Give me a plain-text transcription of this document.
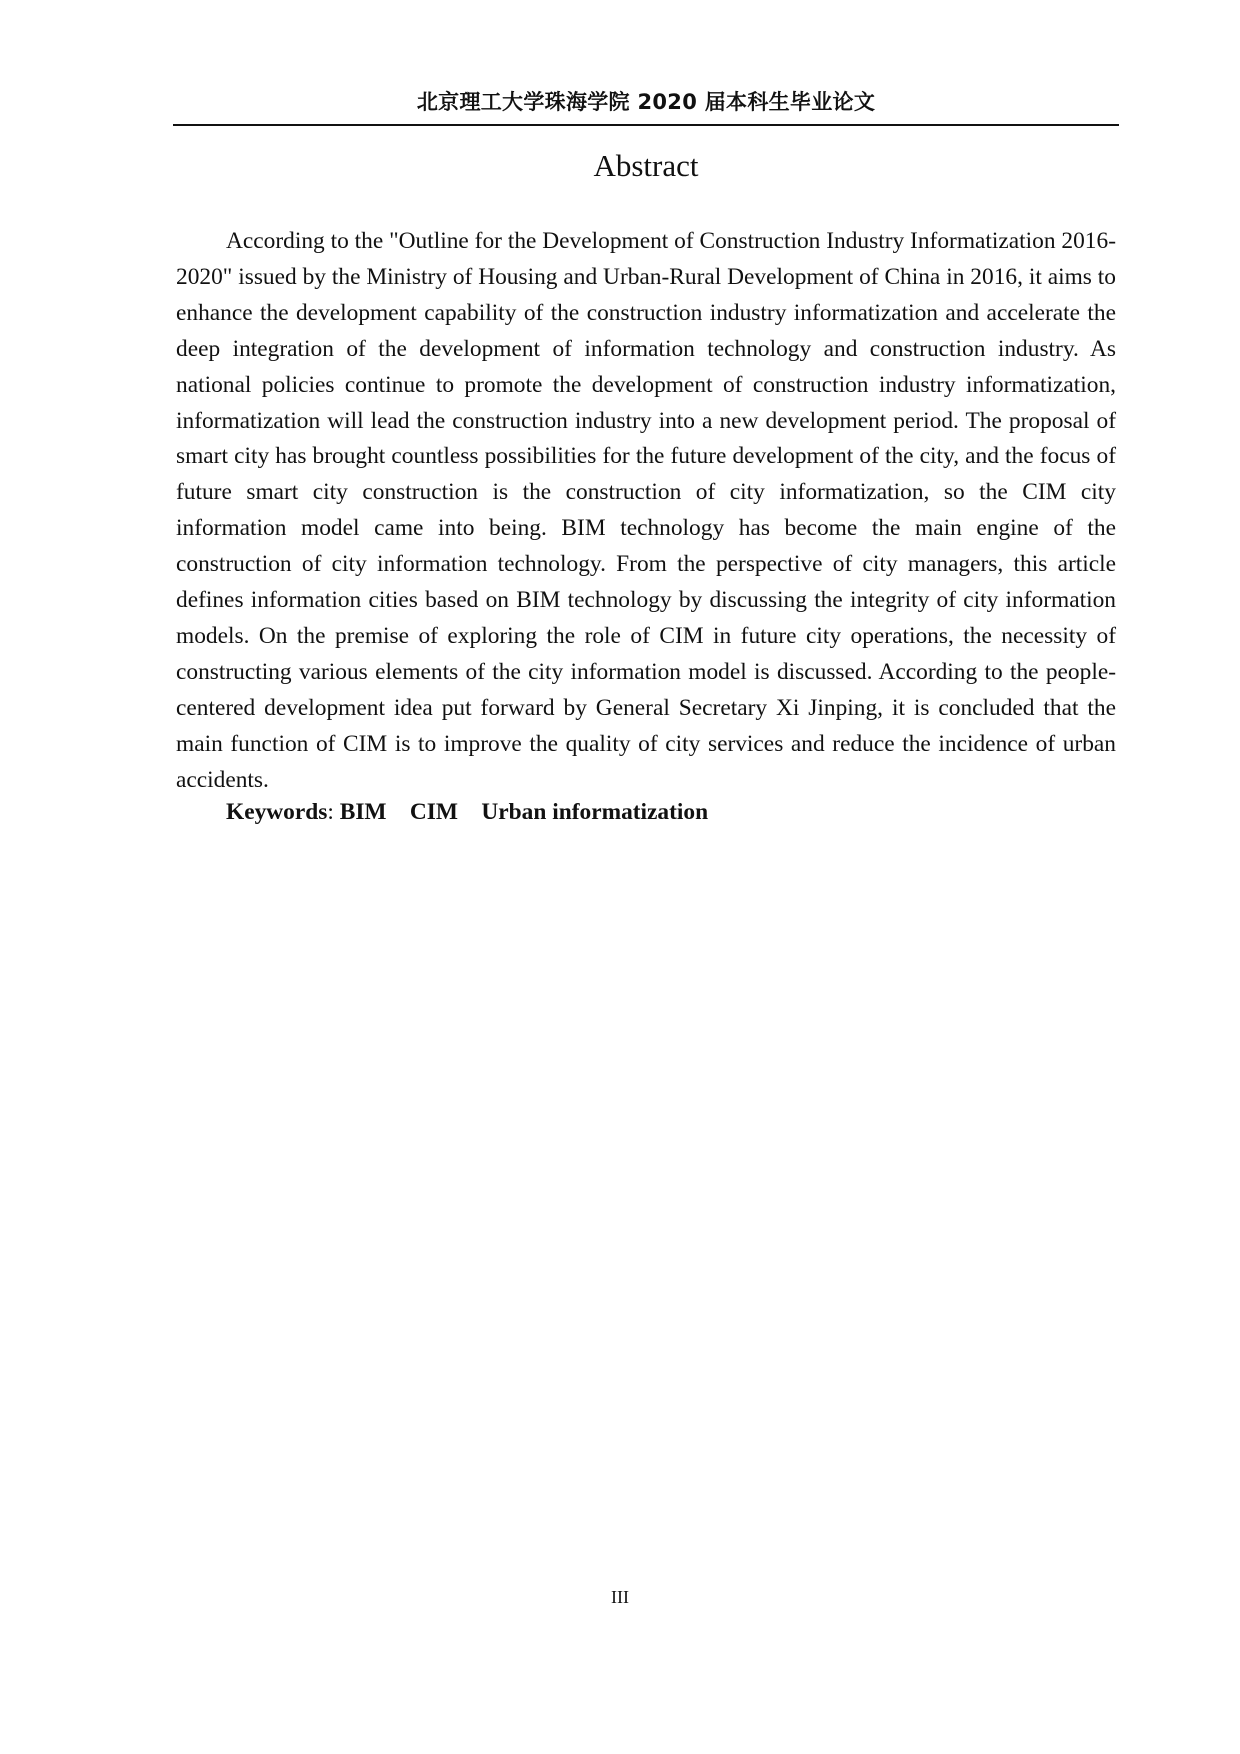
北京理工大学珠海学院 2020 届本科生毕业论文
Abstract

According to the "Outline for the Development of Construction Industry Informatization 2016-2020" issued by the Ministry of Housing and Urban-Rural Development of China in 2016, it aims to enhance the development capability of the construction industry informatization and accelerate the deep integration of the development of information technology and construction industry. As national policies continue to promote the development of construction industry informatization, informatization will lead the construction industry into a new development period. The proposal of smart city has brought countless possibilities for the future development of the city, and the focus of future smart city construction is the construction of city informatization, so the CIM city information model came into being. BIM technology has become the main engine of the construction of city information technology. From the perspective of city managers, this article defines information cities based on BIM technology by discussing the integrity of city information models. On the premise of exploring the role of CIM in future city operations, the necessity of constructing various elements of the city information model is discussed. According to the people-centered development idea put forward by General Secretary Xi Jinping, it is concluded that the main function of CIM is to improve the quality of city services and reduce the incidence of urban accidents.

Keywords: BIM CIM Urban informatization
III
